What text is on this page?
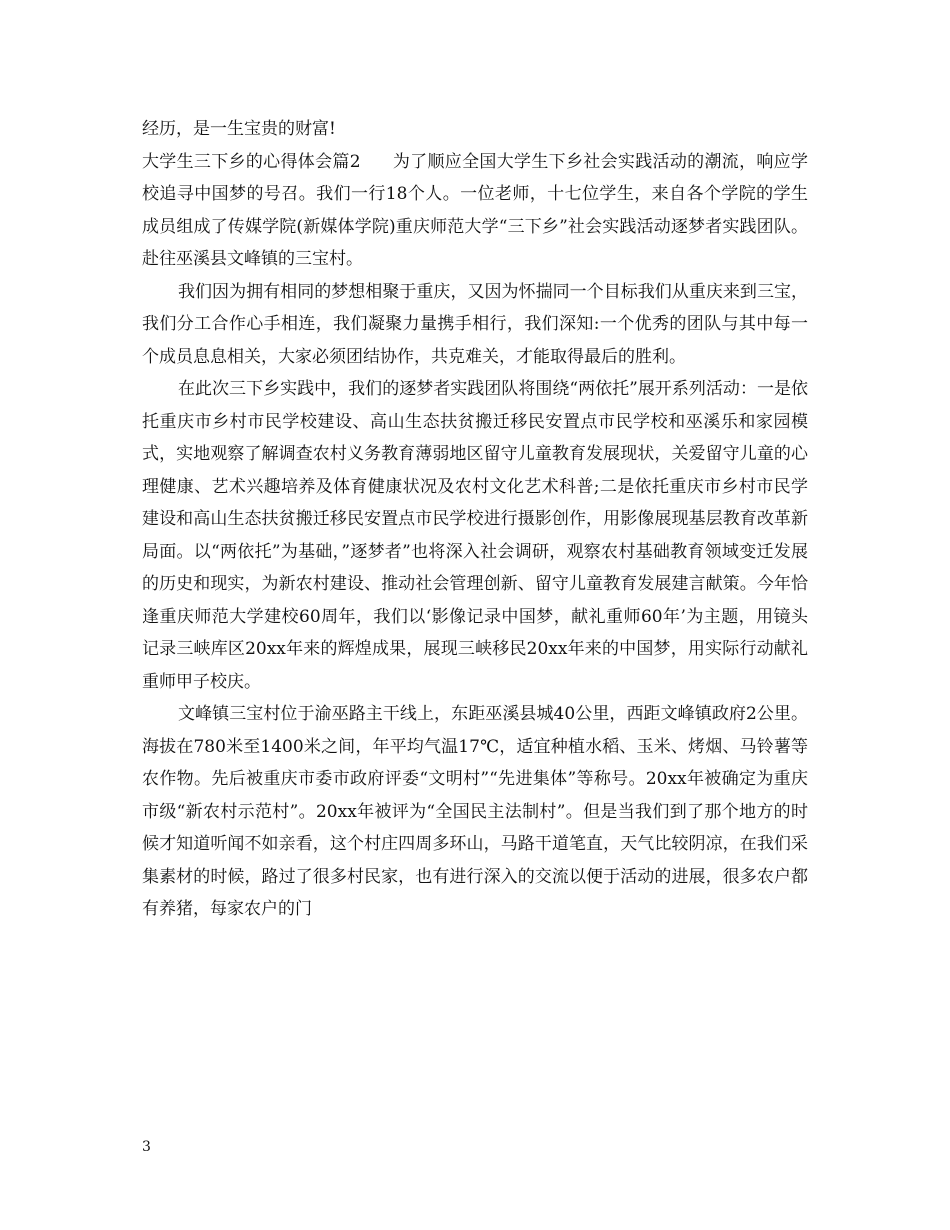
经历，是一生宝贵的财富!

大学生三下乡的心得体会篇2 为了顺应全国大学生下乡社会实践活动的潮流，响应学校追寻中国梦的号召。我们一行18个人。一位老师，十七位学生，来自各个学院的学生成员组成了传媒学院(新媒体学院)重庆师范大学“三下乡”社会实践活动逐梦者实践团队。赴往巫溪县文峰镇的三宝村。

我们因为拥有相同的梦想相聚于重庆，又因为怀揣同一个目标我们从重庆来到三宝，我们分工合作心手相连，我们凝聚力量携手相行，我们深知:一个优秀的团队与其中每一个成员息息相关，大家必须团结协作，共克难关，才能取得最后的胜利。

在此次三下乡实践中，我们的逐梦者实践团队将围绕“两依托”展开系列活动：一是依托重庆市乡村市民学校建设、高山生态扶贫搬迁移民安置点市民学校和巫溪乐和家园模式，实地观察了解调查农村义务教育薄弱地区留守儿童教育发展现状，关爱留守儿童的心理健康、艺术兴趣培养及体育健康状况及农村文化艺术科普;二是依托重庆市乡村市民学建设和高山生态扶贫搬迁移民安置点市民学校进行摄影创作，用影像展现基层教育改革新局面。以“两依托”为基础，”逐梦者”也将深入社会调研，观察农村基础教育领域变迁发展的历史和现实，为新农村建设、推动社会管理创新、留守儿童教育发展建言献策。今年恰逢重庆师范大学建校60周年，我们以‘影像记录中国梦，献礼重师60年’为主题，用镜头记录三峡库区20xx年来的辉煌成果，展现三峡移民20xx年来的中国梦，用实际行动献礼重师甲子校庆。

文峰镇三宝村位于渝巫路主干线上，东距巫溪县城40公里，西距文峰镇政府2公里。海拔在780米至1400米之间，年平均气温17℃，适宜种植水稻、玉米、烤烟、马铃薯等农作物。先后被重庆市委市政府评委“文明村”“先进集体”等称号。20xx年被确定为重庆市级“新农村示范村”。20xx年被评为“全国民主法制村”。但是当我们到了那个地方的时候才知道听闻不如亲看，这个村庄四周多环山，马路干道笔直，天气比较阴凉，在我们采集素材的时候，路过了很多村民家，也有进行深入的交流以便于活动的进展，很多农户都有养猪，每家农户的门

3
